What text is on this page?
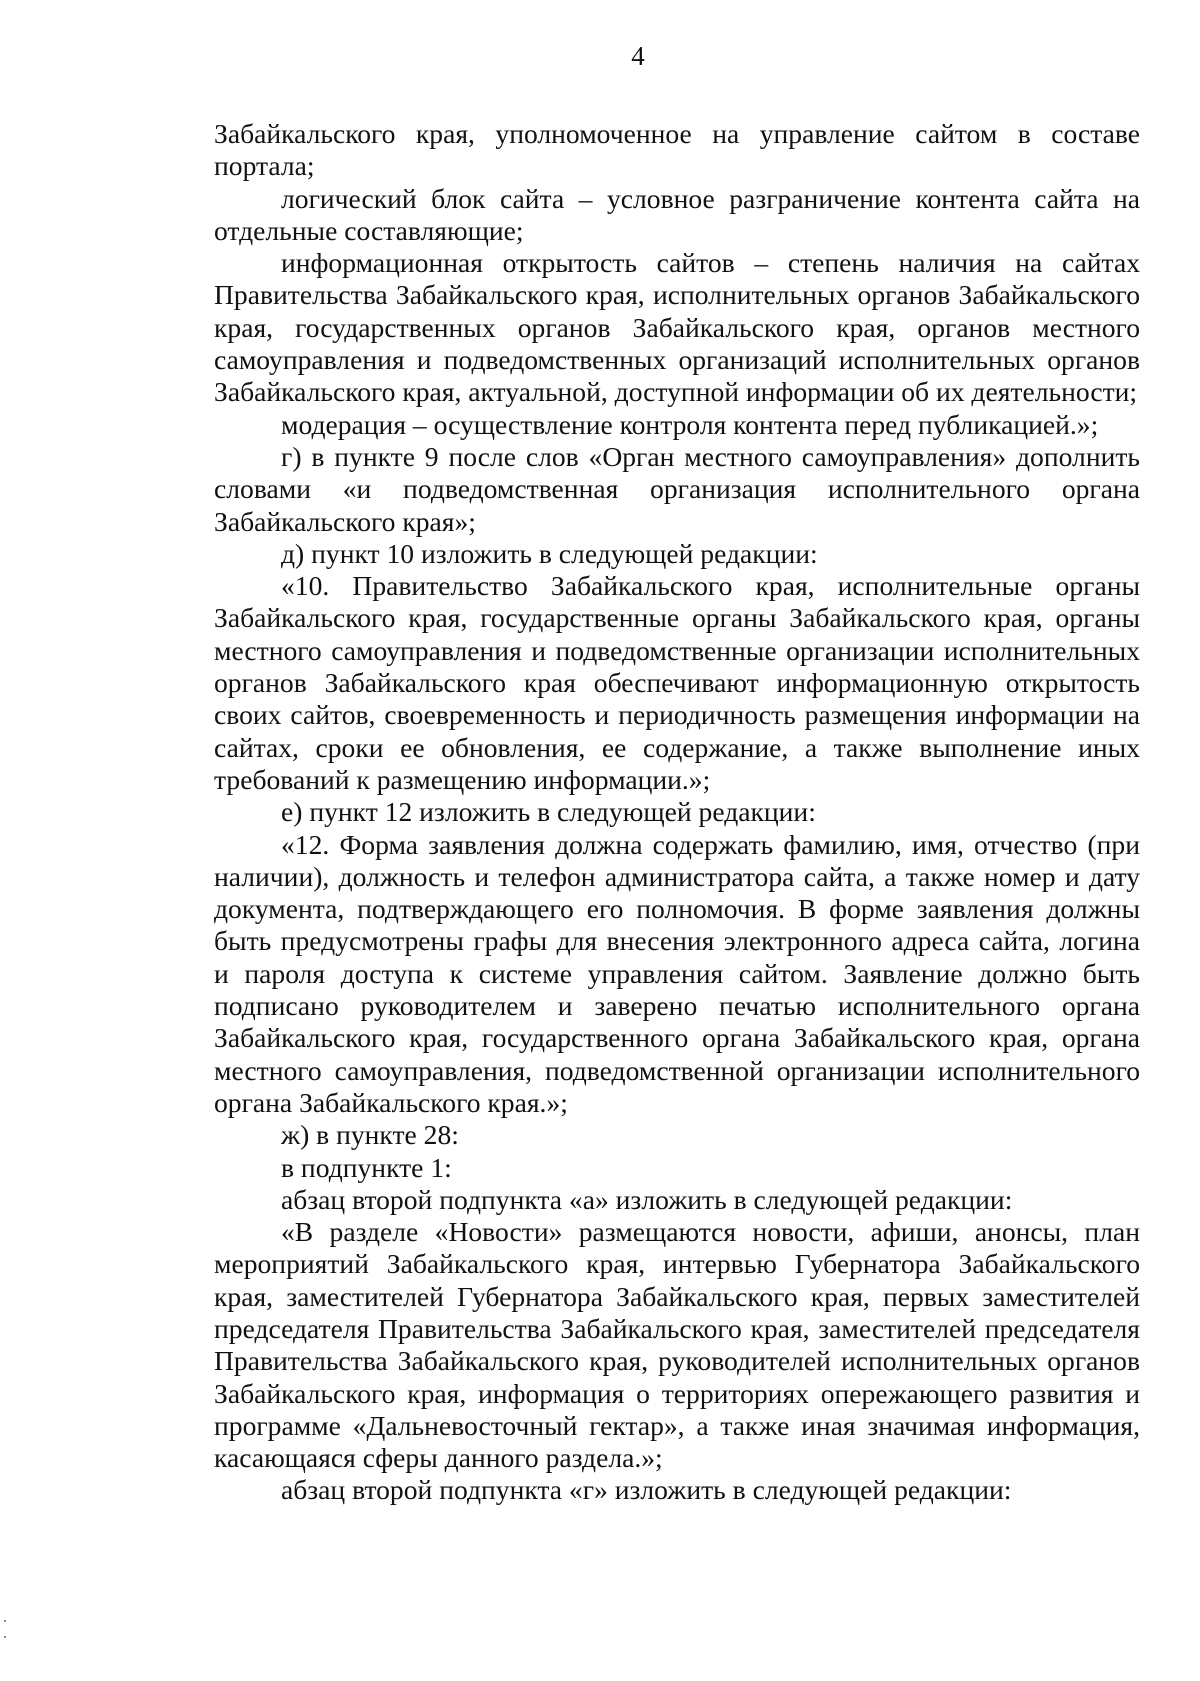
4

Забайкальского края, уполномоченное на управление сайтом в составе портала;

логический блок сайта – условное разграничение контента сайта на отдельные составляющие;

информационная открытость сайтов – степень наличия на сайтах Правительства Забайкальского края, исполнительных органов Забайкальского края, государственных органов Забайкальского края, органов местного самоуправления и подведомственных организаций исполнительных органов Забайкальского края, актуальной, доступной информации об их деятельности;

модерация – осуществление контроля контента перед публикацией.»;

г) в пункте 9 после слов «Орган местного самоуправления» дополнить словами «и подведомственная организация исполнительного органа Забайкальского края»;

д) пункт 10 изложить в следующей редакции:

«10. Правительство Забайкальского края, исполнительные органы Забайкальского края, государственные органы Забайкальского края, органы местного самоуправления и подведомственные организации исполнительных органов Забайкальского края обеспечивают информационную открытость своих сайтов, своевременность и периодичность размещения информации на сайтах, сроки ее обновления, ее содержание, а также выполнение иных требований к размещению информации.»;

е) пункт 12 изложить в следующей редакции:

«12. Форма заявления должна содержать фамилию, имя, отчество (при наличии), должность и телефон администратора сайта, а также номер и дату документа, подтверждающего его полномочия. В форме заявления должны быть предусмотрены графы для внесения электронного адреса сайта, логина и пароля доступа к системе управления сайтом. Заявление должно быть подписано руководителем и заверено печатью исполнительного органа Забайкальского края, государственного органа Забайкальского края, органа местного самоуправления, подведомственной организации исполнительного органа Забайкальского края.»;

ж) в пункте 28:

в подпункте 1:

абзац второй подпункта «а» изложить в следующей редакции:

«В разделе «Новости» размещаются новости, афиши, анонсы, план мероприятий Забайкальского края, интервью Губернатора Забайкальского края, заместителей Губернатора Забайкальского края, первых заместителей председателя Правительства Забайкальского края, заместителей председателя Правительства Забайкальского края, руководителей исполнительных органов Забайкальского края, информация о территориях опережающего развития и программе «Дальневосточный гектар», а также иная значимая информация, касающаяся сферы данного раздела.»;

абзац второй подпункта «г» изложить в следующей редакции:
